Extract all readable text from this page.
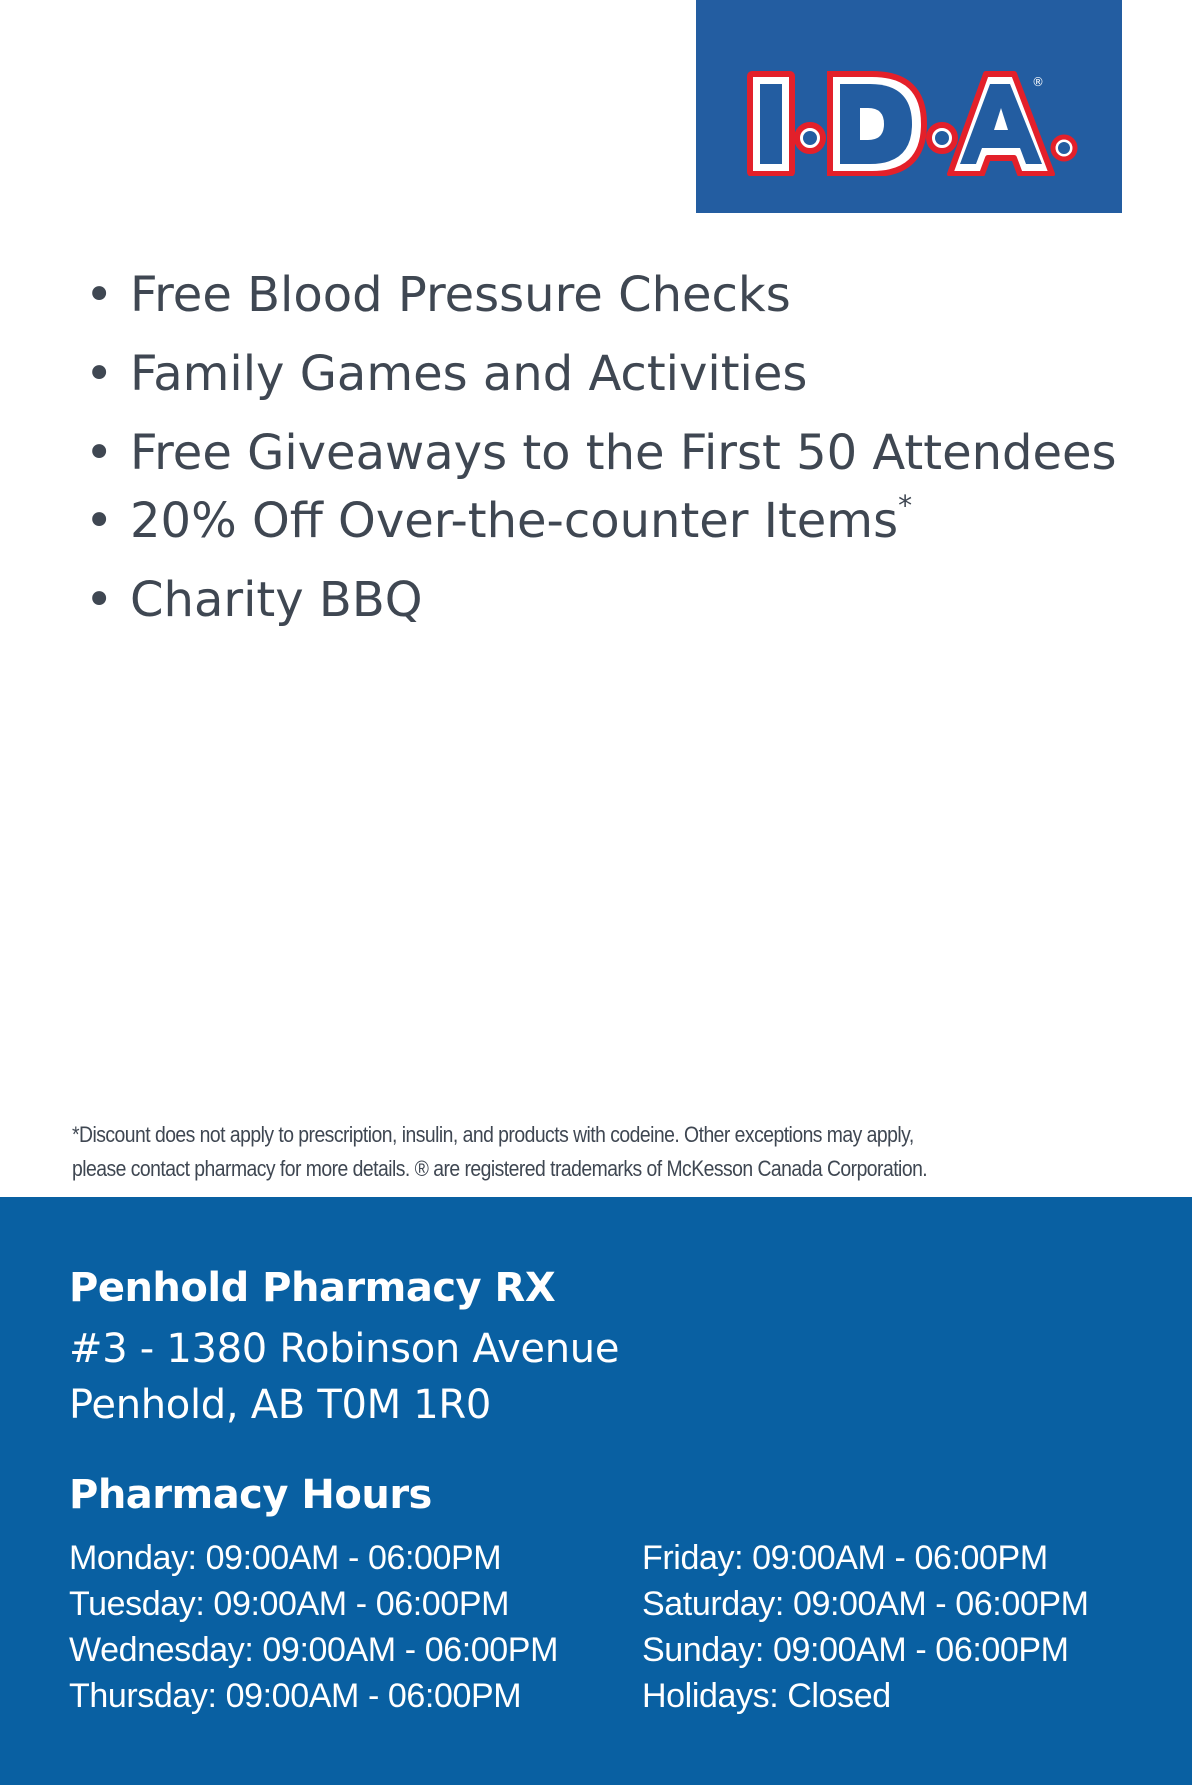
®
• Free Blood Pressure Checks
• Family Games and Activities
• Free Giveaways to the First 50 Attendees
• 20% Off Over-the-counter Items*
• Charity BBQ
*Discount does not apply to prescription, insulin, and products with codeine. Other exceptions may apply,
please contact pharmacy for more details. ® are registered trademarks of McKesson Canada Corporation.
Penhold Pharmacy RX
#3 - 1380 Robinson Avenue
Penhold, AB T0M 1R0
Pharmacy Hours
Monday: 09:00AM - 06:00PM
Tuesday: 09:00AM - 06:00PM
Wednesday: 09:00AM - 06:00PM
Thursday: 09:00AM - 06:00PM
Friday: 09:00AM - 06:00PM
Saturday: 09:00AM - 06:00PM
Sunday: 09:00AM - 06:00PM
Holidays: Closed
